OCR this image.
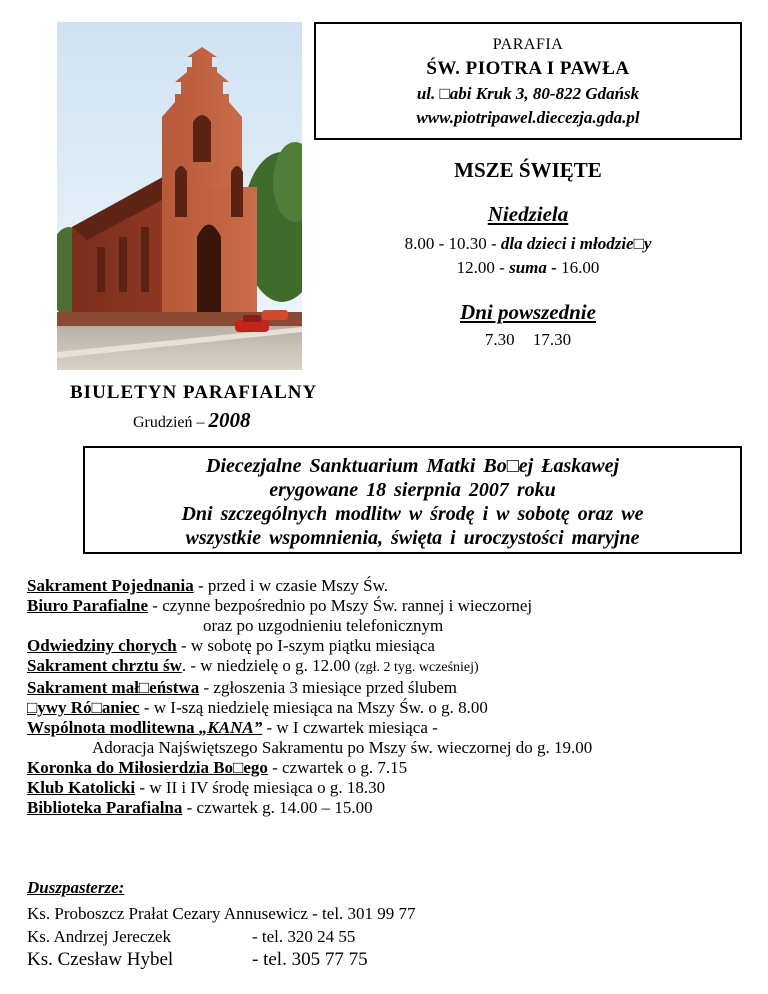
PARAFIA
ŚW. PIOTRA I PAWŁA
ul. □abi Kruk 3, 80-822 Gdańsk
www.piotripawel.diecezja.gda.pl
MSZE ŚWIĘTE
Niedziela
8.00 - 10.30 - dla dzieci i młodzie□y
12.00 - suma - 16.00
Dni powszednie
7.30 17.30
BIULETYN PARAFIALNY
Grudzień – 2008
Diecezjalne Sanktuarium Matki Bo□ej Łaskawej
erygowane 18 sierpnia 2007 roku
Dni szczególnych modlitw w środę i w sobotę oraz we
wszystkie wspomnienia, święta i uroczystości maryjne
Sakrament Pojednania - przed i w czasie Mszy Św.
Biuro Parafialne - czynne bezpośrednio po Mszy Św. rannej i wieczornej
oraz po uzgodnieniu telefonicznym
Odwiedziny chorych - w sobotę po I-szym piątku miesiąca
Sakrament chrztu św. - w niedzielę o g. 12.00 (zgł. 2 tyg. wcześniej)
Sakrament mał□eństwa - zgłoszenia 3 miesiące przed ślubem
□ywy Ró□aniec - w I-szą niedzielę miesiąca na Mszy Św. o g. 8.00
Wspólnota modlitewna „KANA” - w I czwartek miesiąca -
Adoracja Najświętszego Sakramentu po Mszy św. wieczornej do g. 19.00
Koronka do Miłosierdzia Bo□ego - czwartek o g. 7.15
Klub Katolicki - w II i IV środę miesiąca o g. 18.30
Biblioteka Parafialna - czwartek g. 14.00 – 15.00
Duszpasterze:
Ks. Proboszcz Prałat Cezary Annusewicz - tel. 301 99 77
Ks. Andrzej Jereczek	- tel. 320 24 55
Ks. Czesław Hybel	- tel. 305 77 75
